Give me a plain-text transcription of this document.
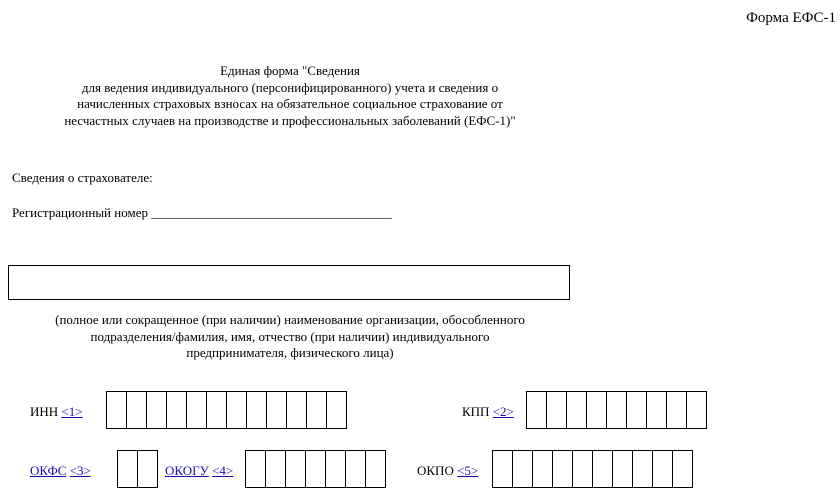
Форма ЕФС-1
Единая форма "Сведения
для ведения индивидуального (персонифицированного) учета и сведения о
начисленных страховых взносах на обязательное социальное страхование от
несчастных случаев на производстве и профессиональных заболеваний (ЕФС-1)"
Сведения о страхователе:
Регистрационный номер _____________________________________
(полное или сокращенное (при наличии) наименование организации, обособленного
подразделения/фамилия, имя, отчество (при наличии) индивидуального
предпринимателя, физического лица)
ИНН <1>	КПП <2>
ОКФС <3>	ОКОГУ <4>	ОКПО <5>
